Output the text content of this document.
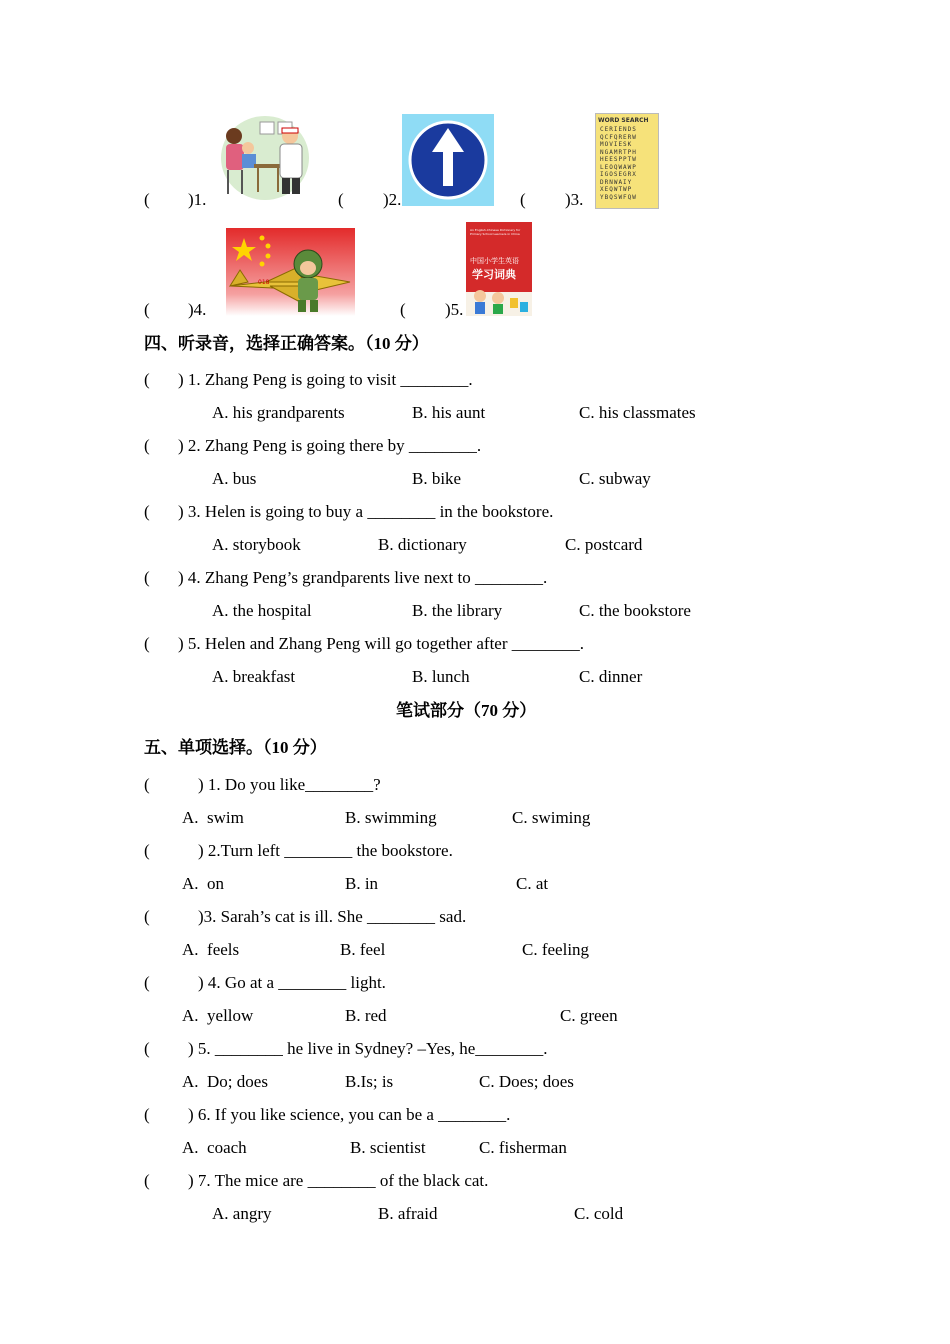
( )1.	( )2.	( )3.
WORD SEARCH
CERIENDS
QCFQRERW
MOVIESK
NGAMRTPH
HEESPPTW
LEOQWAWP
IGOSEGRX
DRNWAIY
XEQWTWP
YBQSWFQW
( )4.
018
( )5.
An English-Chinese Dictionary for Primary School Learners in China
中国小学生英语
学习词典
四、听录音，选择正确答案。（10 分）
( ) 1. Zhang Peng is going to visit ________.
A. his grandparents	B. his aunt	C. his classmates
( ) 2. Zhang Peng is going there by ________.
A. bus	B. bike	C. subway
( ) 3. Helen is going to buy a ________ in the bookstore.
A. storybook	B. dictionary	C. postcard
( ) 4. Zhang Peng’s grandparents live next to ________.
A. the hospital	B. the library	C. the bookstore
( ) 5. Helen and Zhang Peng will go together after ________.
A. breakfast	B. lunch	C. dinner
笔试部分（70 分）
五、单项选择。（10 分）
(	) 1. Do you like________?
A.  swim	B. swimming	C. swiming
(	) 2.Turn left ________ the bookstore.
A.  on	B. in	C. at
(	)3. Sarah’s cat is ill. She ________ sad.
A.  feels	B. feel	C. feeling
(	) 4. Go at a ________ light.
A.  yellow	B. red	C. green
( ) 5. ________ he live in Sydney? –Yes, he________.
A.  Do; does	B.Is; is	C. Does; does
( ) 6. If you like science, you can be a ________.
A.  coach	B. scientist	C. fisherman
( ) 7. The mice are ________ of the black cat.
A. angry	B. afraid	C. cold
